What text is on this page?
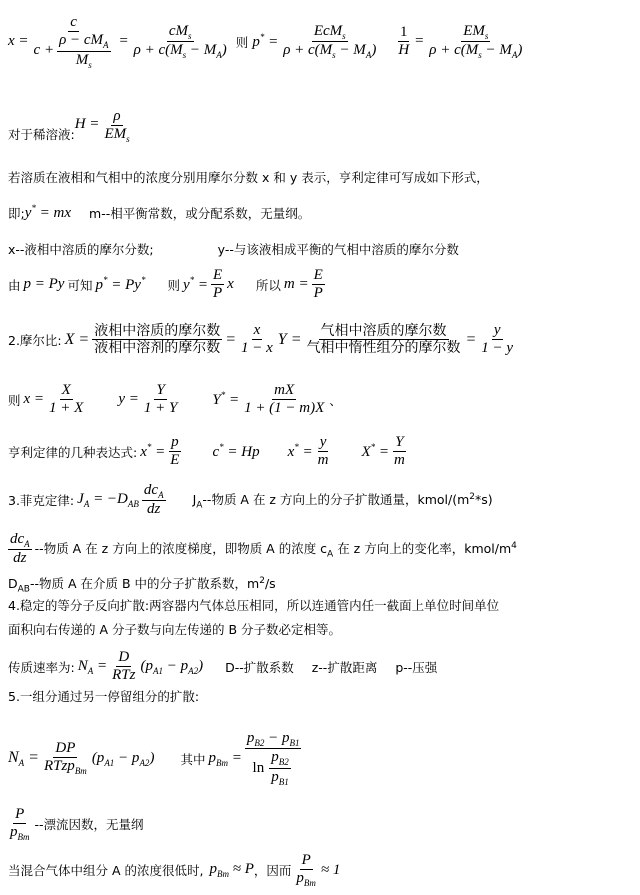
x =
c
c +
$\rho - cM_A$
$M_s$
=
$cM_s$
$\rho + c(M_s - M_A)$ 则 p* =
EcM$_s$
$\rho + c(M_s - M_A) \frac{1}{H}$ =
$EM_s$
$\rho + c(M_s - M_A)$
对于稀溶液:
H = ρ
$EM_s$
若溶质在液相和气相中的浓度分别用摩尔分数 x 和 y 表示，亨利定律可写成如下形式，
即; y* = mx m--相平衡常数，或分配系数，无量纲。
x--液相中溶质的摩尔分数;	y--与该液相成平衡的气相中溶质的摩尔分数
由 p = Py 可知 p* = Py* 则 $y^* = \frac{E}{P}$ x 所以 $m = \frac{E}{P}$
2.摩尔比: X = 液相中溶质的摩尔数
液相中溶剂的摩尔数
= $\frac{x}{1 - x}$ Y = 气相中溶质的摩尔数
气相中惰性组分的摩尔数
= $\frac{y}{1 - y}$
则 $x = \frac{X}{1 + X}$ $y = \frac{Y}{1 + Y} Y^* = \frac{mX}{1 + (1 - m)X}$ 、
亨利定律的几种表达式: $x^* = \frac{p}{E} c^* = Hp$ $x^* = \frac{y}{m} X^* = \frac{Y}{m}$
3.菲克定律: $J_A = -D_{AB}$
$dc_A$
dz
$J_A--$物质 A 在 z 方向上的分子扩散通量，kmol/$(m^2*s)$
$dc_A$
dz
--物质 A 在 z 方向上的浓度梯度，即物质 A 的浓度 $c_A$ 在 z 方向上的变化率，kmol/$m^4$
$D_{AB}--$物质 A 在介质 B 中的分子扩散系数，$m^2/s$
4.稳定的等分子反向扩散:两容器内气体总压相同，所以连通管内任一截面上单位时间单位
面积向右传递的 A 分子数与向左传递的 B 分子数必定相等。
传质速率为: $N_A$ =
D
RTz
$(p_{A1} - p_{A2})$ D--扩散系数 z--扩散距离 p--压强
5.一组分通过另一停留组分的扩散:
$N_A$ =
DP
RTzp$_{Bm}$
$(p_{A1} - p_{A2})$ 其中 $p_{Bm} = p_{B2} - p_{B1}$
ln
$p_{B2}$
$p_{B1}$
P
$p_{Bm}$
--漂流因数，无量纲
当混合气体中组分 A 的浓度很低时, $p_{Bm} \approx P$ ，因而
P
$p_{Bm}$
≈ 1
